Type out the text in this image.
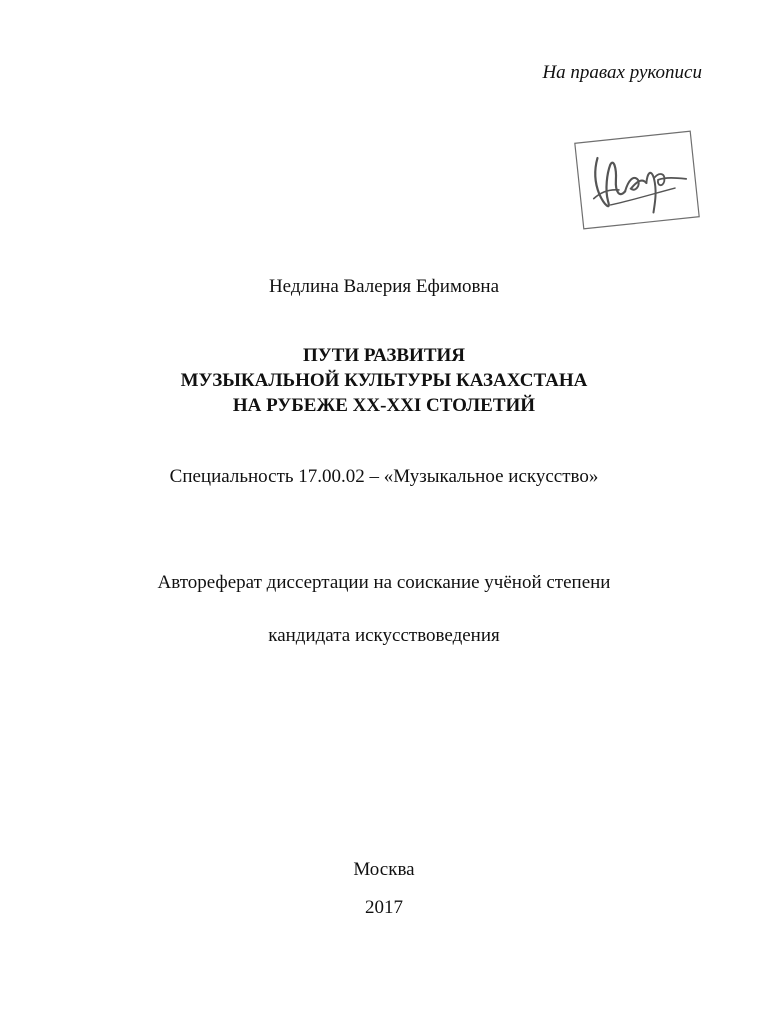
На правах рукописи

Недлина Валерия Ефимовна

ПУТИ РАЗВИТИЯ

МУЗЫКАЛЬНОЙ КУЛЬТУРЫ КАЗАХСТАНА

НА РУБЕЖЕ XX-XXI СТОЛЕТИЙ

Специальность 17.00.02 – «Музыкальное искусство»

Автореферат диссертации на соискание учёной степени

кандидата искусствоведения

Москва

2017
